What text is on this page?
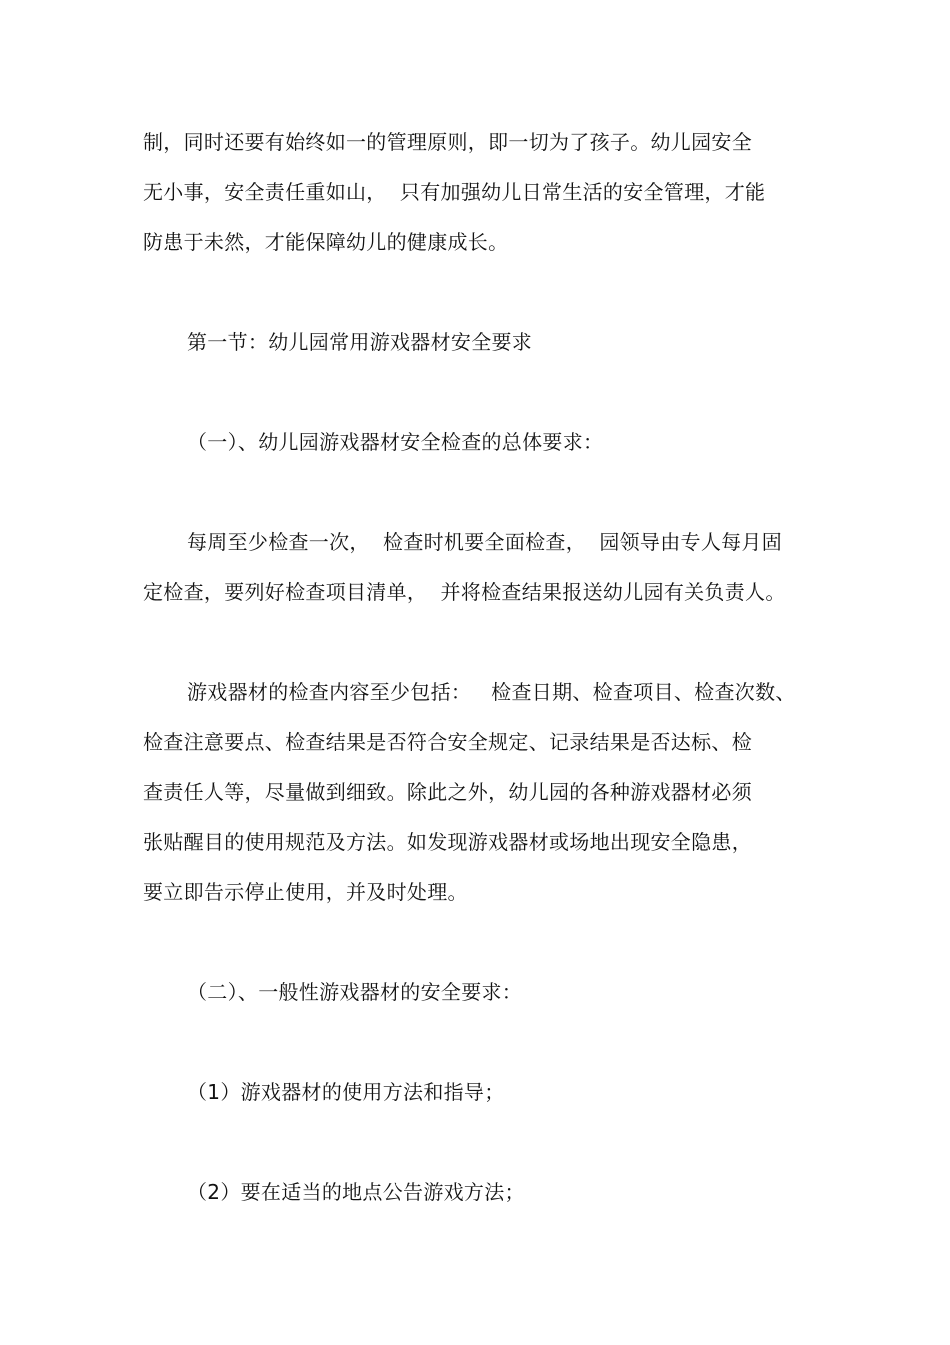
制，同时还要有始终如一的管理原则，即一切为了孩子。幼儿园安全
无小事，安全责任重如山，  只有加强幼儿日常生活的安全管理，才能
防患于未然，才能保障幼儿的健康成长。
第一节：幼儿园常用游戏器材安全要求
（一）、幼儿园游戏器材安全检查的总体要求：
每周至少检查一次，  检查时机要全面检查，  园领导由专人每月固
定检查，要列好检查项目清单，  并将检查结果报送幼儿园有关负责人。
游戏器材的检查内容至少包括：   检查日期、检查项目、检查次数、
检查注意要点、检查结果是否符合安全规定、记录结果是否达标、检
查责任人等，尽量做到细致。除此之外，幼儿园的各种游戏器材必须
张贴醒目的使用规范及方法。如发现游戏器材或场地出现安全隐患，
要立即告示停止使用，并及时处理。
（二）、一般性游戏器材的安全要求：
（1）游戏器材的使用方法和指导；
（2）要在适当的地点公告游戏方法；
